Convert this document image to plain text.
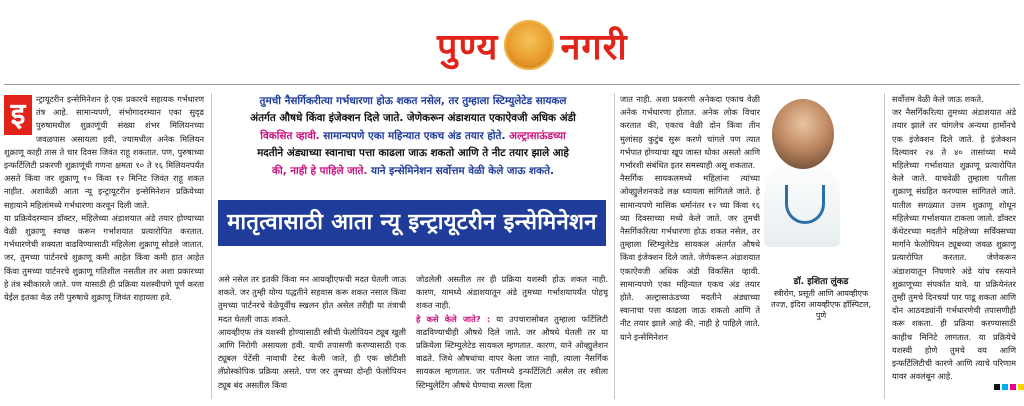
पुण्य नगरी
इ	न्ट्रायूटरीन इन्सेमिनेशन हे एक प्रकारचे सहायक गर्भधारण तंत्र आहे. सामान्यपणे, संभोगादरम्यान एका सुदृढ पुरुषामधील शुक्राणूंची संख्या शंभर मिलियनच्या जवळपास असायला हवी, ज्यामधील अनेक मिलियन शुक्राणू काही तास ते चार दिवस जिवंत राहू शकतात. पण, पुरुषाच्या इन्फर्टिलिटी प्रकरणी शुक्राणूंची गणना क्षमता १० ते १६ मिलियनपर्यंत असते किंवा जर शुक्राणू १० किंवा १२ मिनिट जिवंत राहू शकत नाहीत. अशावेळी आता न्यू इन्ट्रायूटरीन इन्सेमिनेशन प्रक्रियेच्या सहायाने महिलांमध्ये गर्भधारणा करवून दिली जाते.

या प्रक्रियेदरम्यान डॉक्टर, महिलेच्या अंडाशयात अंडे तयार होण्याच्या वेळी शुक्राणू स्वच्छ करून गर्भाशयात प्रत्यारोपित करतात. गर्भधारणेची शक्यता वाढविण्यासाठी महिलेला शुक्राणू सोडले जातात. जर, तुमच्या पार्टनरचे शुक्राणू कमी आहेत किंवा कमी हात आहेत किंवा तुमच्या पार्टनरचे शुक्राणू गतिशील नसतील तर अशा प्रकारच्या हे तंत्र स्वीकारले जाते. पण यासाठी ही प्रक्रिया यशस्वीपणे पूर्ण करता येईल इतका वेळ तरी पुरुषाचे शुक्राणू जिवंत राहायला हवे.

तुमची नैसर्गिकरीत्या गर्भधारणा होऊ शकत नसेल, तर तुम्हाला स्टिम्युलेटेड सायकल
अंतर्गत औषधे किंवा इंजेक्शन दिले जाते. जेणेकरून अंडाशयात एकाऐवजी अधिक अंडी
विकसित व्हावी. सामान्यपणे एका महिन्यात एकच अंड तयार होते. अल्ट्रासाऊंडच्या
मदतीने अंड्याच्या स्वानाचा पत्ता काढला जाऊ शकतो आणि ते नीट तयार झाले आहे
की, नाही हे पाहिले जाते. याने इन्सेमिनेशन सर्वोत्तम वेळी केले जाऊ शकते.
मातृत्वासाठी आता न्यू इन्ट्रायूटरीन इन्सेमिनेशन

असे नसेल तर इतकी किंवा मन आयव्हीएफची मदत घेतली जाऊ शकते. जर तुम्ही योग्य पद्धतीने सहवास करू शकत नसाल किंवा तुमच्या पार्टनरचे वेळेपूर्वीच स्खलन होत असेल तरीही या तंत्राची मदत घेतली जाऊ शकते.

आयव्हीएफ तंत्र यशस्वी होण्यासाठी स्त्रीची फेलोपियन ट्यूब खुली आणि निरोगी असायला हवी. याची तपासणी करण्यासाठी एक ट्यूबल पेटेंसी नावाची टेस्ट केली जाते, ही एक छोटीशी लॅप्रोस्कोपिक प्रक्रिया असते. पण जर तुमच्या दोन्ही फेलोपियन ट्यूब बंद असतील किंवा

जोडलेली असतील तर ही प्रक्रिया यशस्वी होऊ शकत नाही. कारण, यामध्ये अंडाशयातून अंडे तुमच्या गर्भाशयापर्यंत पोहचू शकत नाही.

हे कसे केले जाते? : या उपचारासोबत तुम्हाला फर्टिलिटी वाढविण्याचीही औषधे दिले जाते. जर औषधे घेतली तर या प्रक्रियेला स्टिम्युलेटेड सायकल म्हणतात. कारण, याने ओव्ह्युलेशन वाढते. जिथे औषधांचा वापर केला जात नाही, त्याला नैसर्गिक सायकल म्हणतात. जर पतीमध्ये इन्फर्टिलिटी असेल तर स्त्रीला स्टिम्युलेटिंग औषधे घेण्याचा सल्ला दिला

जात नाही. अशा प्रकरणी अनेकदा एकाच वेळी अनेक गर्भधारणा होतात. अनेक लोक विचार करतात की, एकाच वेळी दोन किंवा तीन मुलांसह कुटुंब सुरू करणे चांगले पण त्यात गर्भपात होण्याचा खूप जास्त धोका असतो आणि गर्भारशी संबंधित इतर समस्याही असू शकतात.

नैसर्गिक सायकलमध्ये महिलांना त्यांच्या ओव्ह्युलेशनकडे लक्ष ध्यायला सांगितले जाते. हे सामान्यपणे मासिक धर्मानंतर १२ च्या किंवा १६ व्या दिवसाच्या मध्ये केले जाते. जर तुमची नैसर्गिकरित्या गर्भधारणा होऊ शकत नसेल, तर तुम्हाला स्टिम्युलेटेड सायकल अंतर्गत औषधे किंवा इंजेक्शन दिले जाते. जेणेकरून अंडाशयात एकाऐवजी अधिक अंडी विकसित व्हावी. सामान्यपणे एका महिन्यात एकच अंड तयार होते. अल्ट्रासाऊंडच्या मदतीने अंड्याच्या स्वानाचा पत्ता काढला जाऊ शकतो आणि ते नीट तयार झाले आहे की, नाही हे पाहिले जाते. याने इन्सेमिनेशन

डॉ. इशिता लुंकड
स्त्रीरोग, प्रसूती आणि आयव्हीएफ तज्ज्ञ, इंदिरा आयव्हीएफ हॉस्पिटल, पुणे

सर्वोत्तम वेळी केले जाऊ शकते.

जर नैसर्गिकरित्या तुमच्या अंडाशयात अंडे तयार झाले तर चांगलेच अन्यथा हार्मोनचे एक इंजेक्शन दिले जाते. हे इंजेक्शन दिल्यावर २४ ते ४० तासांच्या मध्ये महिलेच्या गर्भाशयात शुक्राणू प्रत्यारोपित केले जाते. याचवेळी तुम्हाला पतीला शुक्राणू संग्रहित करण्यास सांगितले जाते. यातील सगळ्यात उत्तम शुक्राणू शोधून महिलेच्या गर्भाशयात टाकला जातो. डॉक्टर कॅथेटरच्या मदतीने महिलेच्या सर्विक्सच्या मार्गाने फेलोपियन ट्यूबच्या जवळ शुक्राणू प्रत्यारोपित करतात. जेणेकरून अंडाशयातून निघणारे अंडे यांच रस्त्याने शुक्राणूच्या संपर्कात यावे. या प्रक्रियेनंतर तुम्ही तुमचे दिनचर्या पार पाडू शकता आणि दोन आठवड्यांनी गर्भधारणेची तपासणीही करू शकता. ही प्रक्रिया करण्यासाठी काहीच मिनिटे लागतात. या प्रक्रियेचे यशस्वी होणे तुमचे वय आणि इन्फर्टिलिटीची कारणे आणि त्याचे परिणाम यावर अवलंबून आहे.
